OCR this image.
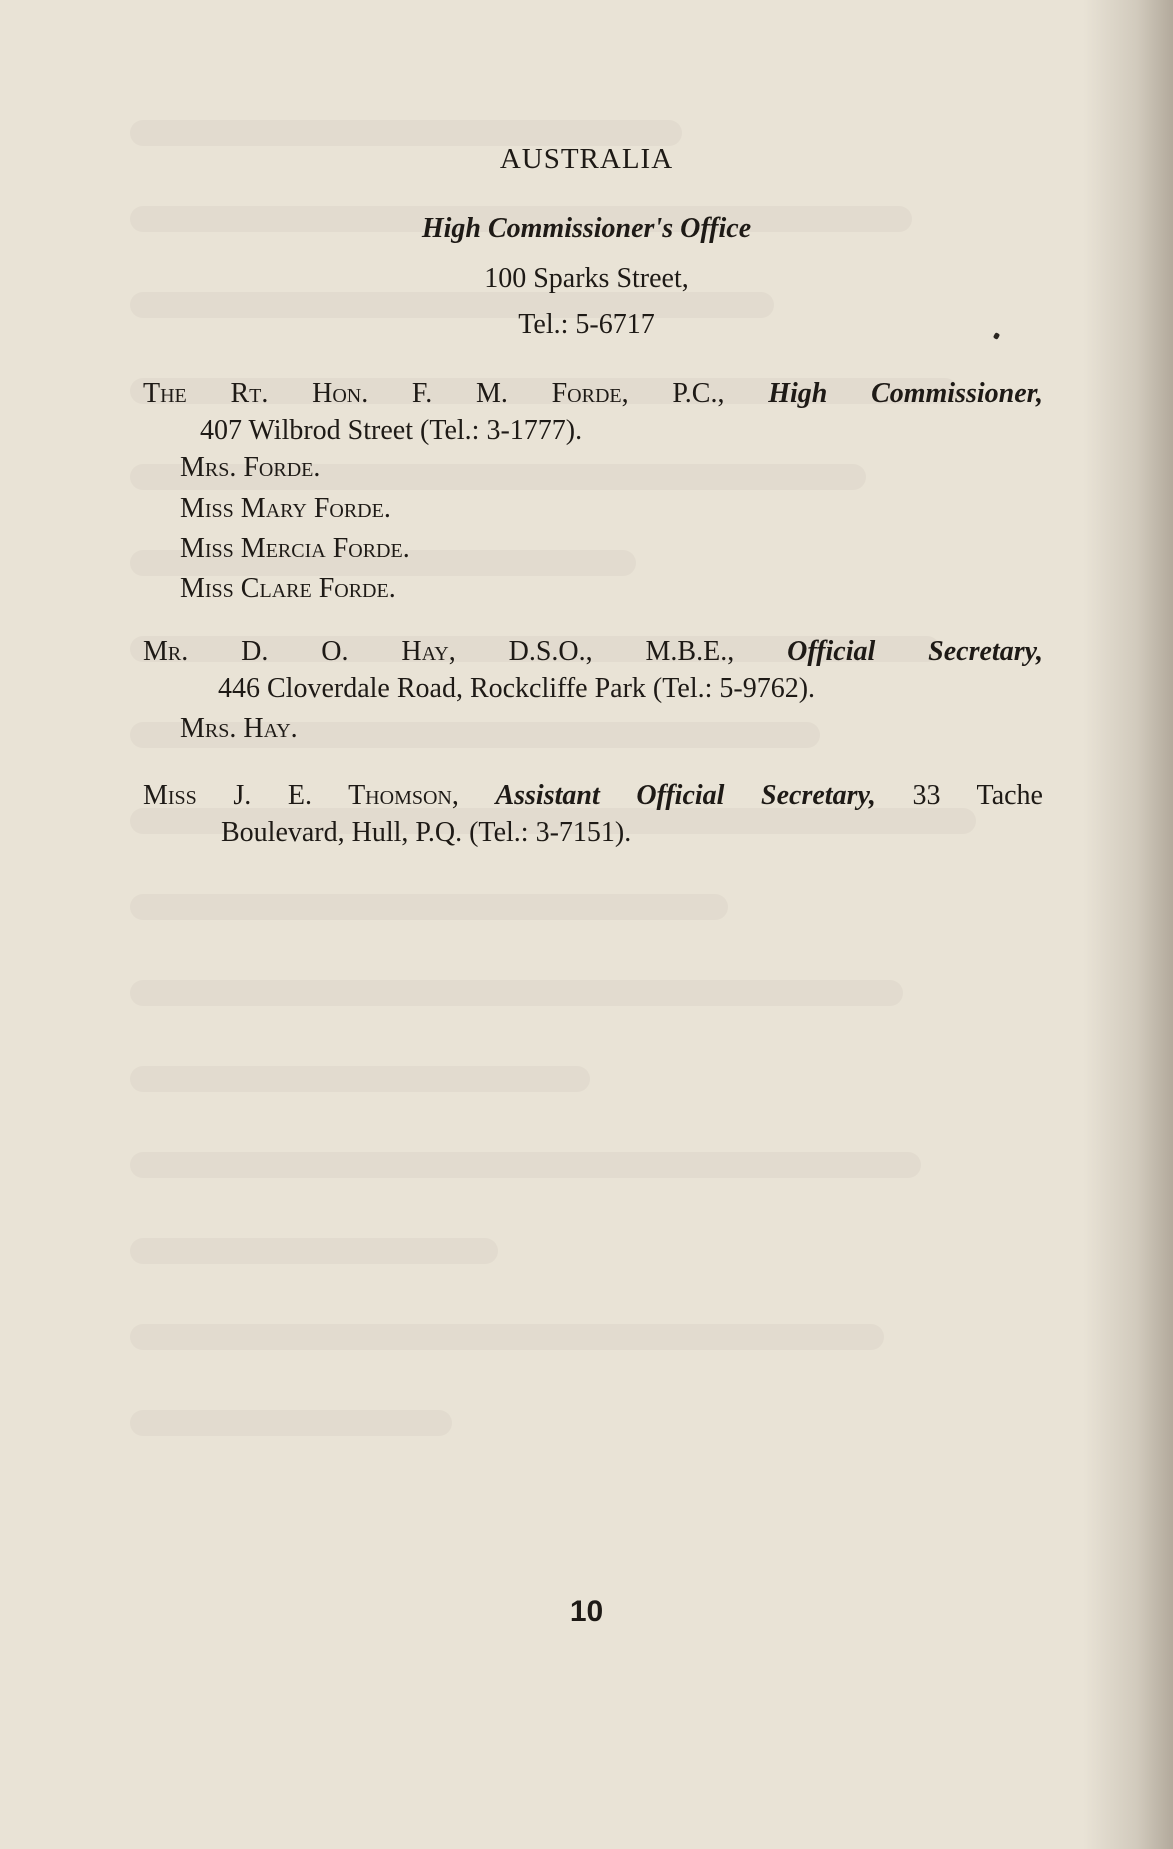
AUSTRALIA
High Commissioner's Office
100 Sparks Street,
Tel.: 5-6717
The Rt. Hon. F. M. Forde, P.C., High Commissioner,
407 Wilbrod Street (Tel.: 3-1777).
Mrs. Forde.
Miss Mary Forde.
Miss Mercia Forde.
Miss Clare Forde.
Mr. D. O. Hay, D.S.O., M.B.E., Official Secretary,
446 Cloverdale Road, Rockcliffe Park (Tel.: 5-9762).
Mrs. Hay.
Miss J. E. Thomson, Assistant Official Secretary, 33 Tache
Boulevard, Hull, P.Q. (Tel.: 3-7151).
10
